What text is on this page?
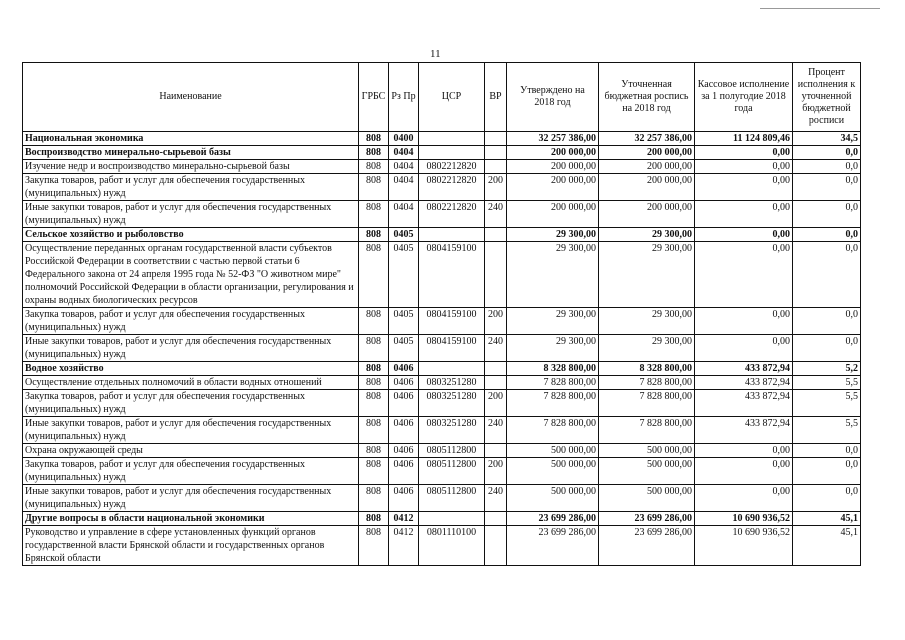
11
Наименование	ГРБС	Рз Пр	ЦСР	ВР	Утверждено на 2018 год	Уточненная бюджетная роспись на 2018 год	Кассовое исполнение за 1 полугодие 2018 года	Процент исполнения к уточненной бюджетной росписи
Национальная экономика	808	0400			32 257 386,00	32 257 386,00	11 124 809,46	34,5
Воспроизводство минерально-сырьевой базы	808	0404			200 000,00	200 000,00	0,00	0,0
Изучение недр и воспроизводство минерально-сырьевой базы	808	0404	0802212820		200 000,00	200 000,00	0,00	0,0
Закупка товаров, работ и услуг для обеспечения государственных (муниципальных) нужд	808	0404	0802212820	200	200 000,00	200 000,00	0,00	0,0
Иные закупки товаров, работ и услуг для обеспечения государственных (муниципальных) нужд	808	0404	0802212820	240	200 000,00	200 000,00	0,00	0,0
Сельское хозяйство и рыболовство	808	0405			29 300,00	29 300,00	0,00	0,0
Осуществление переданных органам государственной власти субъектов Российской Федерации в соответствии с частью первой статьи 6 Федерального закона от 24 апреля 1995 года № 52-ФЗ "О животном мире" полномочий Российской Федерации в области организации, регулирования и охраны водных биологических ресурсов	808	0405	0804159100		29 300,00	29 300,00	0,00	0,0
Закупка товаров, работ и услуг для обеспечения государственных (муниципальных) нужд	808	0405	0804159100	200	29 300,00	29 300,00	0,00	0,0
Иные закупки товаров, работ и услуг для обеспечения государственных (муниципальных) нужд	808	0405	0804159100	240	29 300,00	29 300,00	0,00	0,0
Водное хозяйство	808	0406			8 328 800,00	8 328 800,00	433 872,94	5,2
Осуществление отдельных полномочий в области водных отношений	808	0406	0803251280		7 828 800,00	7 828 800,00	433 872,94	5,5
Закупка товаров, работ и услуг для обеспечения государственных (муниципальных) нужд	808	0406	0803251280	200	7 828 800,00	7 828 800,00	433 872,94	5,5
Иные закупки товаров, работ и услуг для обеспечения государственных (муниципальных) нужд	808	0406	0803251280	240	7 828 800,00	7 828 800,00	433 872,94	5,5
Охрана окружающей среды	808	0406	0805112800		500 000,00	500 000,00	0,00	0,0
Закупка товаров, работ и услуг для обеспечения государственных (муниципальных) нужд	808	0406	0805112800	200	500 000,00	500 000,00	0,00	0,0
Иные закупки товаров, работ и услуг для обеспечения государственных (муниципальных) нужд	808	0406	0805112800	240	500 000,00	500 000,00	0,00	0,0
Другие вопросы в области национальной экономики	808	0412			23 699 286,00	23 699 286,00	10 690 936,52	45,1
Руководство и управление в сфере установленных функций органов государственной власти Брянской области и государственных органов Брянской области	808	0412	0801110100		23 699 286,00	23 699 286,00	10 690 936,52	45,1
